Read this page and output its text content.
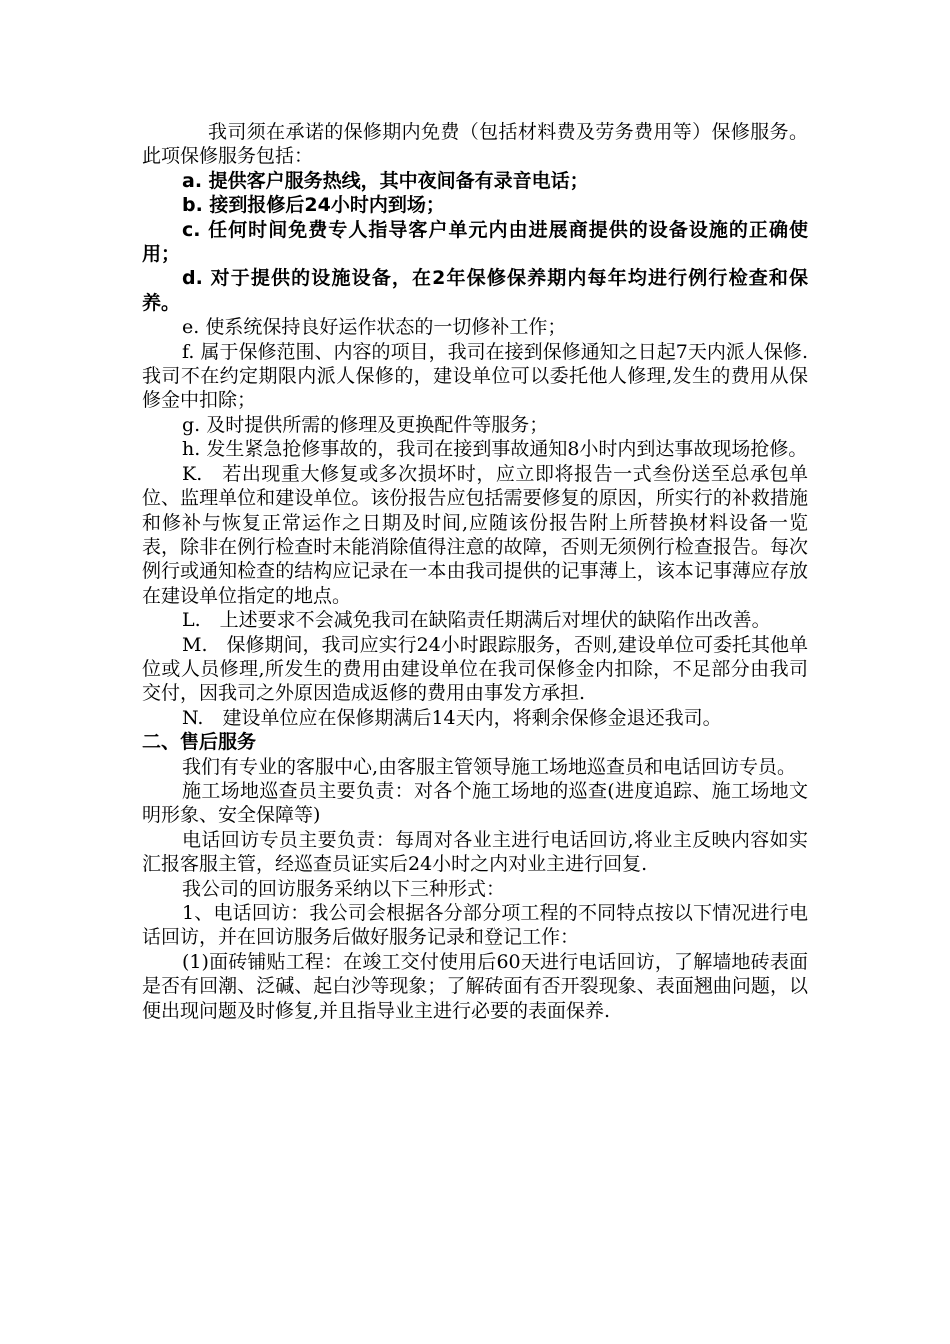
我司须在承诺的保修期内免费（包括材料费及劳务费用等）保修服务。此项保修服务包括：

a. 提供客户服务热线，其中夜间备有录音电话；

b. 接到报修后24小时内到场；

c. 任何时间免费专人指导客户单元内由进展商提供的设备设施的正确使用；

d. 对于提供的设施设备，在2年保修保养期内每年均进行例行检查和保养。

e. 使系统保持良好运作状态的一切修补工作；

f. 属于保修范围、内容的项目，我司在接到保修通知之日起7天内派人保修.我司不在约定期限内派人保修的，建设单位可以委托他人修理,发生的费用从保修金中扣除；

g. 及时提供所需的修理及更换配件等服务；

h. 发生紧急抢修事故的，我司在接到事故通知8小时内到达事故现场抢修。

K.　若出现重大修复或多次损坏时，应立即将报告一式叁份送至总承包单位、监理单位和建设单位。该份报告应包括需要修复的原因，所实行的补救措施和修补与恢复正常运作之日期及时间,应随该份报告附上所替换材料设备一览表，除非在例行检查时未能消除值得注意的故障，否则无须例行检查报告。每次例行或通知检查的结构应记录在一本由我司提供的记事薄上，该本记事薄应存放在建设单位指定的地点。

L.　上述要求不会减免我司在缺陷责任期满后对埋伏的缺陷作出改善。

M.　保修期间，我司应实行24小时跟踪服务，否则,建设单位可委托其他单位或人员修理,所发生的费用由建设单位在我司保修金内扣除，不足部分由我司交付，因我司之外原因造成返修的费用由事发方承担.

N.　建设单位应在保修期满后14天内，将剩余保修金退还我司。

二、售后服务

我们有专业的客服中心,由客服主管领导施工场地巡查员和电话回访专员。

施工场地巡查员主要负责：对各个施工场地的巡查(进度追踪、施工场地文明形象、安全保障等)

电话回访专员主要负责：每周对各业主进行电话回访,将业主反映内容如实汇报客服主管，经巡查员证实后24小时之内对业主进行回复.

我公司的回访服务采纳以下三种形式：

1、电话回访：我公司会根据各分部分项工程的不同特点按以下情况进行电话回访，并在回访服务后做好服务记录和登记工作：

(1)面砖铺贴工程：在竣工交付使用后60天进行电话回访，了解墙地砖表面是否有回潮、泛碱、起白沙等现象；了解砖面有否开裂现象、表面翘曲问题，以便出现问题及时修复,并且指导业主进行必要的表面保养.
